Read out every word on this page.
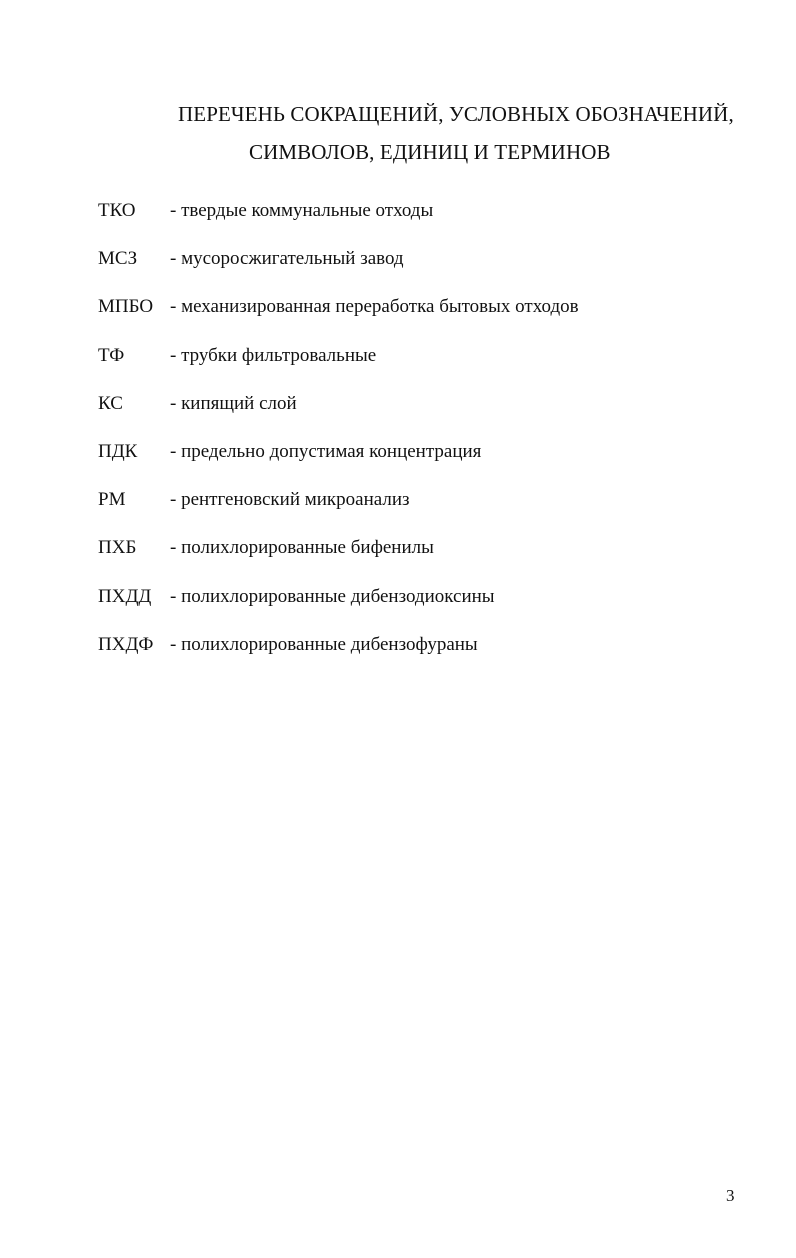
ПЕРЕЧЕНЬ СОКРАЩЕНИЙ, УСЛОВНЫХ ОБОЗНАЧЕНИЙ,
СИМВОЛОВ, ЕДИНИЦ И ТЕРМИНОВ
ТКО	- твердые коммунальные отходы
МСЗ	- мусоросжигательный завод
МПБО - механизированная переработка бытовых отходов
ТФ	- трубки фильтровальные
КС	- кипящий слой
ПДК	- предельно допустимая концентрация
РМ	- рентгеновский микроанализ
ПХБ	- полихлорированные бифенилы
ПХДД - полихлорированные дибензодиоксины
ПХДФ - полихлорированные дибензофураны
3
